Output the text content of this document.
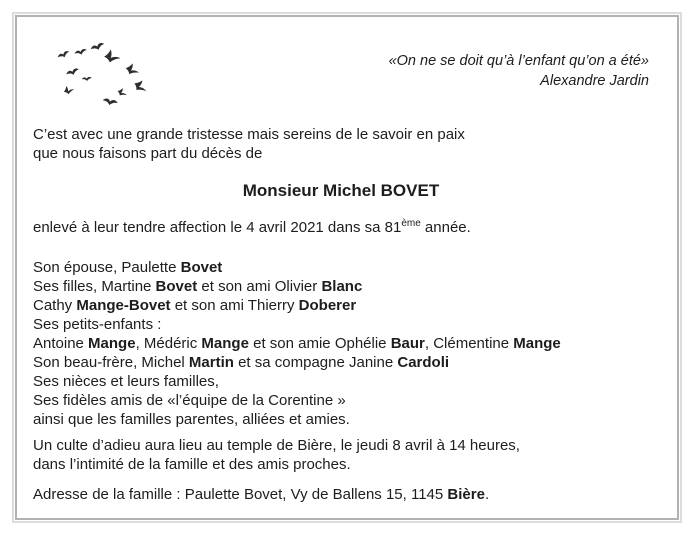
«On ne se doit qu’à l’enfant qu’on a été»
Alexandre Jardin
C’est avec une grande tristesse mais sereins de le savoir en paix
que nous faisons part du décès de
Monsieur Michel BOVET
enlevé à leur tendre affection le 4 avril 2021 dans sa 81ème année.
Son épouse, Paulette Bovet
Ses filles, Martine Bovet et son ami Olivier Blanc
Cathy Mange-Bovet et son ami Thierry Doberer
Ses petits-enfants :
Antoine Mange, Médéric Mange et son amie Ophélie Baur, Clémentine Mange
Son beau-frère, Michel Martin et sa compagne Janine Cardoli
Ses nièces et leurs familles,
Ses fidèles amis de «l’équipe de la Corentine »
ainsi que les familles parentes, alliées et amies.
Un culte d’adieu aura lieu au temple de Bière, le jeudi 8 avril à 14 heures,
dans l’intimité de la famille et des amis proches.
Adresse de la famille : Paulette Bovet, Vy de Ballens 15, 1145 Bière.
